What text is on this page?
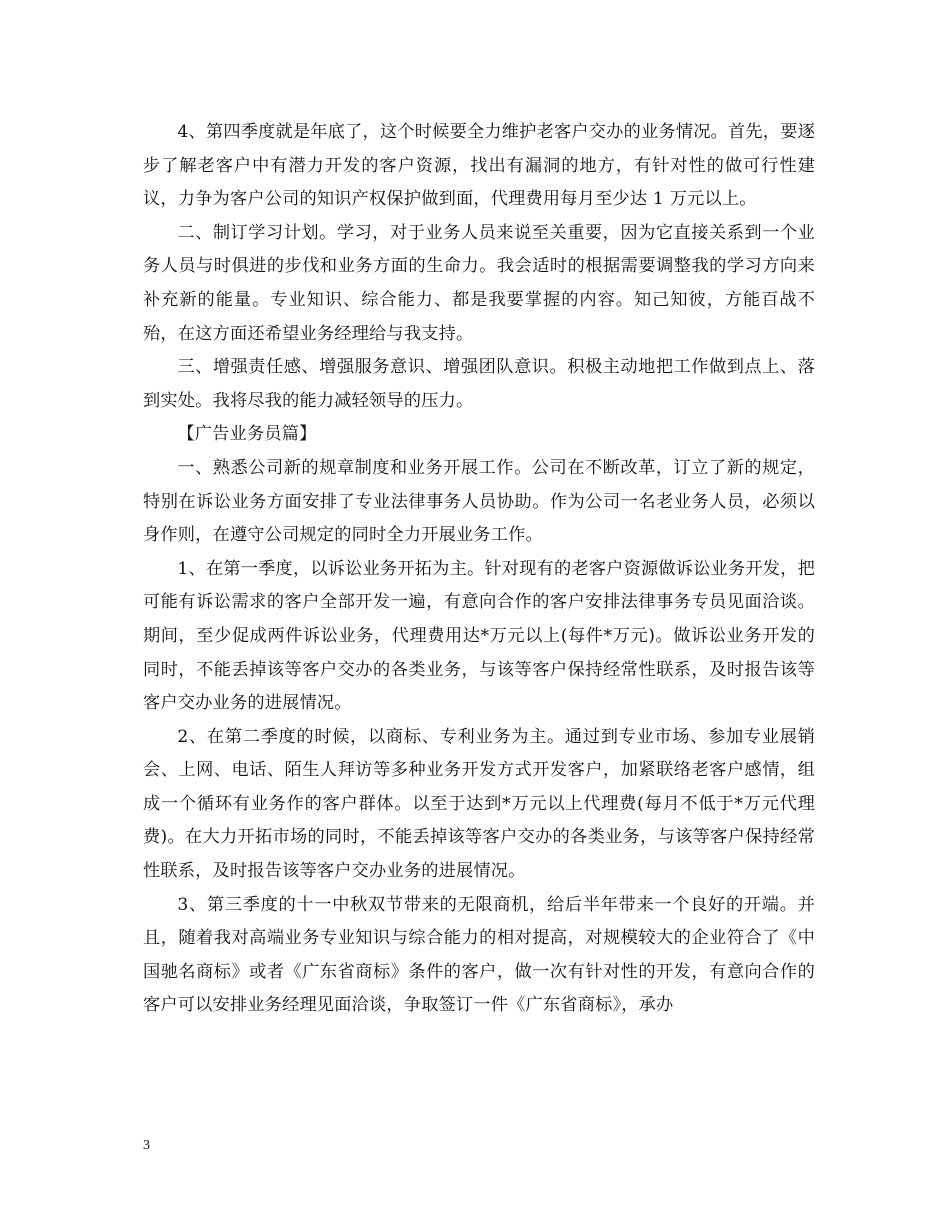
4、第四季度就是年底了，这个时候要全力维护老客户交办的业务情况。首先，要逐步了解老客户中有潜力开发的客户资源，找出有漏洞的地方，有针对性的做可行性建议，力争为客户公司的知识产权保护做到面，代理费用每月至少达 1 万元以上。

二、制订学习计划。学习，对于业务人员来说至关重要，因为它直接关系到一个业务人员与时俱进的步伐和业务方面的生命力。我会适时的根据需要调整我的学习方向来补充新的能量。专业知识、综合能力、都是我要掌握的内容。知己知彼，方能百战不殆，在这方面还希望业务经理给与我支持。

三、增强责任感、增强服务意识、增强团队意识。积极主动地把工作做到点上、落到实处。我将尽我的能力减轻领导的压力。

【广告业务员篇】

一、熟悉公司新的规章制度和业务开展工作。公司在不断改革，订立了新的规定，特别在诉讼业务方面安排了专业法律事务人员协助。作为公司一名老业务人员，必须以身作则，在遵守公司规定的同时全力开展业务工作。

1、在第一季度，以诉讼业务开拓为主。针对现有的老客户资源做诉讼业务开发，把可能有诉讼需求的客户全部开发一遍，有意向合作的客户安排法律事务专员见面洽谈。期间，至少促成两件诉讼业务，代理费用达*万元以上(每件*万元)。做诉讼业务开发的同时，不能丢掉该等客户交办的各类业务，与该等客户保持经常性联系，及时报告该等客户交办业务的进展情况。

2、在第二季度的时候，以商标、专利业务为主。通过到专业市场、参加专业展销会、上网、电话、陌生人拜访等多种业务开发方式开发客户，加紧联络老客户感情，组成一个循环有业务作的客户群体。以至于达到*万元以上代理费(每月不低于*万元代理费)。在大力开拓市场的同时，不能丢掉该等客户交办的各类业务，与该等客户保持经常性联系，及时报告该等客户交办业务的进展情况。

3、第三季度的十一中秋双节带来的无限商机，给后半年带来一个良好的开端。并且，随着我对高端业务专业知识与综合能力的相对提高，对规模较大的企业符合了《中国驰名商标》或者《广东省商标》条件的客户，做一次有针对性的开发，有意向合作的客户可以安排业务经理见面洽谈，争取签订一件《广东省商标》，承办

3
